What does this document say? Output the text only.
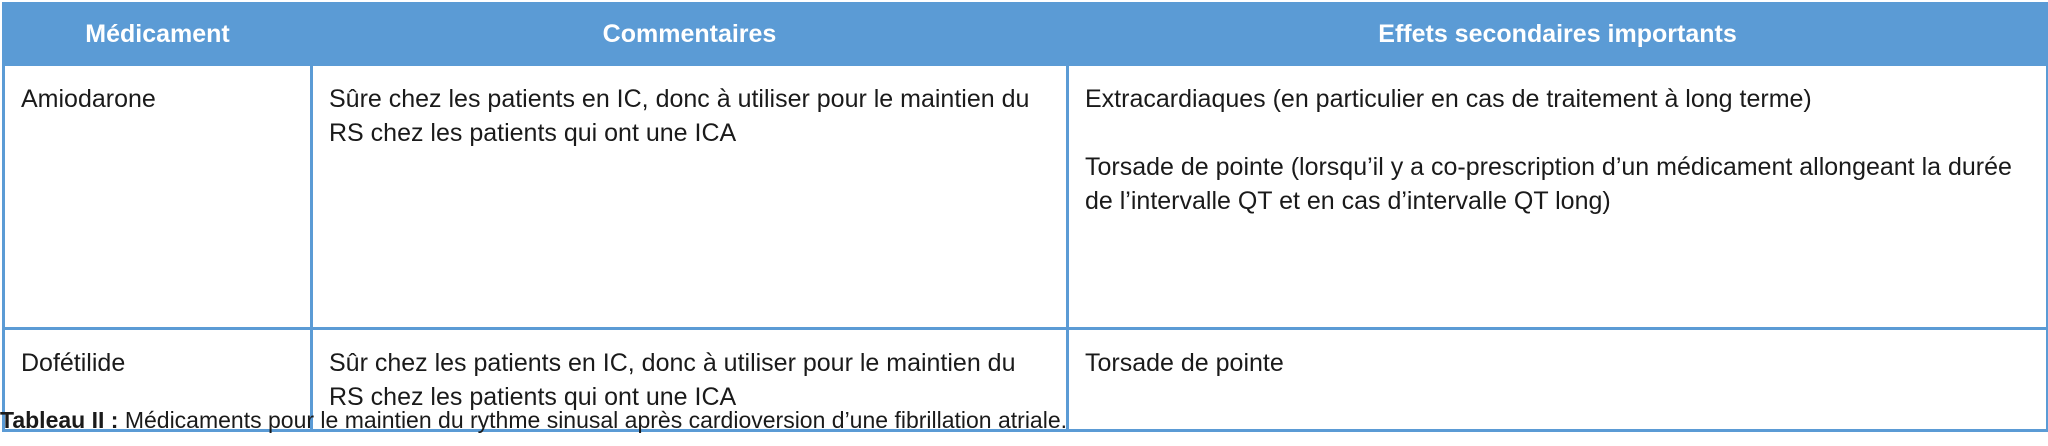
Médicament	Commentaires	Effets secondaires importants
Amiodarone	Sûre chez les patients en IC, donc à utiliser pour le maintien du RS chez les patients qui ont une ICA	Extracardiaques (en particulier en cas de traitement à long terme)
Torsade de pointe (lorsqu’il y a co-prescription d’un médicament allongeant la durée de l’intervalle QT et en cas d’intervalle QT long)

Dofétilide	Sûr chez les patients en IC, donc à utiliser pour le maintien du RS chez les patients qui ont une ICA	Torsade de pointe
Tableau II : Médicaments pour le maintien du rythme sinusal après cardioversion d’une fibrillation atriale.
